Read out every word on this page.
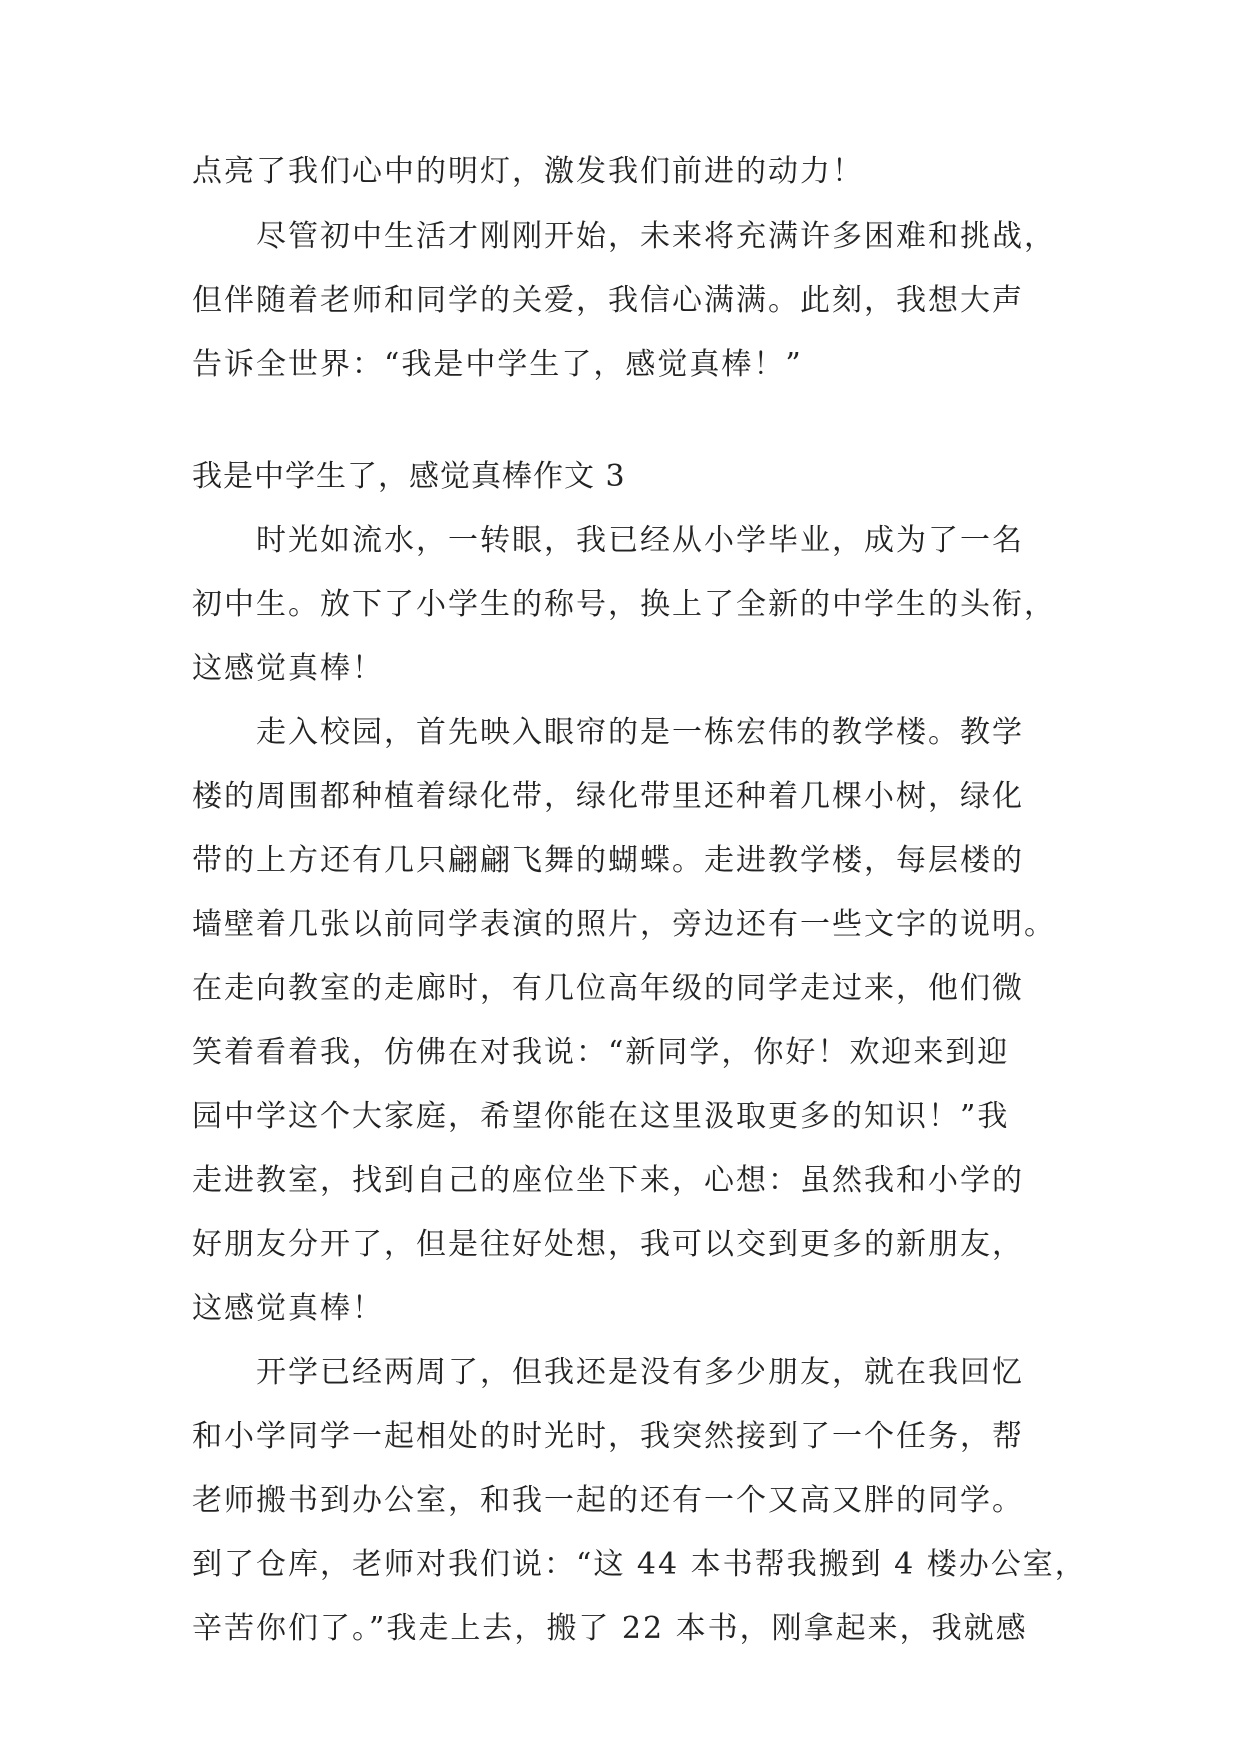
点亮了我们心中的明灯，激发我们前进的动力！
尽管初中生活才刚刚开始，未来将充满许多困难和挑战，
但伴随着老师和同学的关爱，我信心满满。此刻，我想大声
告诉全世界：“我是中学生了，感觉真棒！”
我是中学生了，感觉真棒作文 3
时光如流水，一转眼，我已经从小学毕业，成为了一名
初中生。放下了小学生的称号，换上了全新的中学生的头衔，
这感觉真棒！
走入校园，首先映入眼帘的是一栋宏伟的教学楼。教学
楼的周围都种植着绿化带，绿化带里还种着几棵小树，绿化
带的上方还有几只翩翩飞舞的蝴蝶。走进教学楼，每层楼的
墙壁着几张以前同学表演的照片，旁边还有一些文字的说明。
在走向教室的走廊时，有几位高年级的同学走过来，他们微
笑着看着我，仿佛在对我说：“新同学，你好！欢迎来到迎
园中学这个大家庭，希望你能在这里汲取更多的知识！”我
走进教室，找到自己的座位坐下来，心想：虽然我和小学的
好朋友分开了，但是往好处想，我可以交到更多的新朋友，
这感觉真棒！
开学已经两周了，但我还是没有多少朋友，就在我回忆
和小学同学一起相处的时光时，我突然接到了一个任务，帮
老师搬书到办公室，和我一起的还有一个又高又胖的同学。
到了仓库，老师对我们说：“这 44 本书帮我搬到 4 楼办公室，
辛苦你们了。”我走上去，搬了 22 本书，刚拿起来，我就感
